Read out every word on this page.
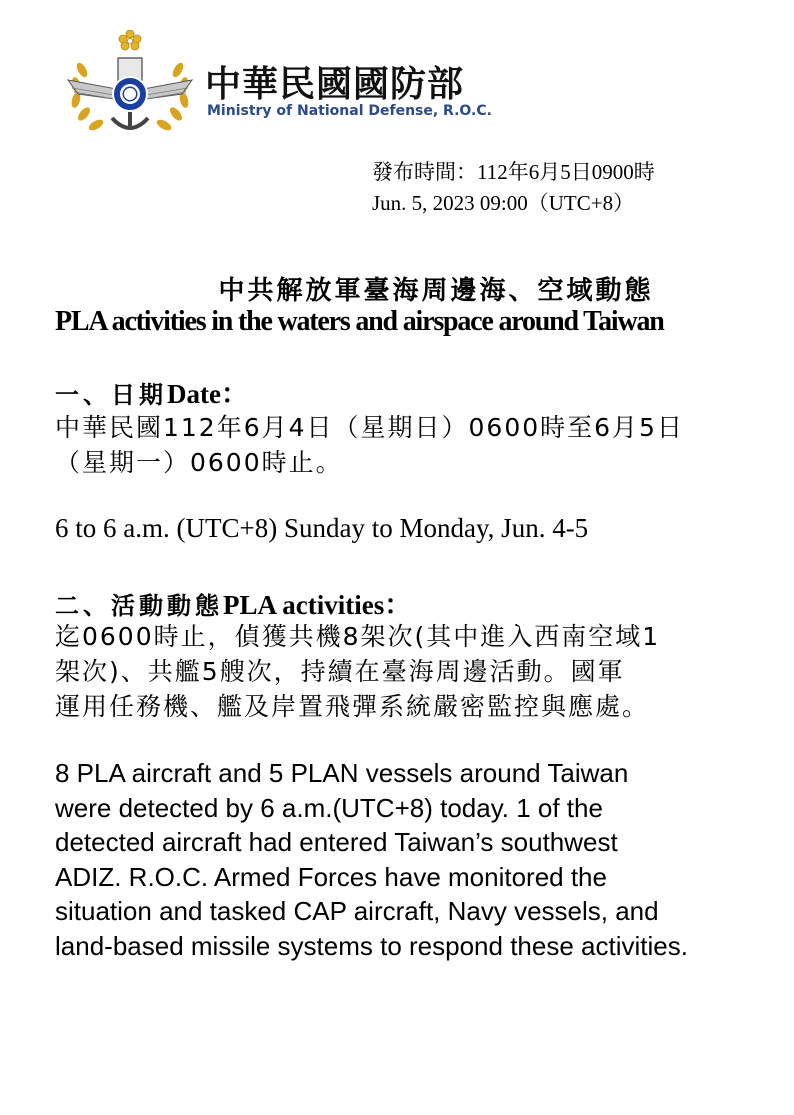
中華民國國防部
Ministry of National Defense, R.O.C.
發布時間：112年6月5日0900時
Jun. 5, 2023 09:00（UTC+8）
中共解放軍臺海周邊海、空域動態
PLA activities in the waters and airspace around Taiwan
一、日期Date：
中華民國112年6月4日（星期日）0600時至6月5日
（星期一）0600時止。
6 to 6 a.m. (UTC+8) Sunday to Monday, Jun. 4-5
二、活動動態PLA activities：
迄0600時止，偵獲共機8架次(其中進入西南空域1
架次)、共艦5艘次，持續在臺海周邊活動。國軍
運用任務機、艦及岸置飛彈系統嚴密監控與應處。
8 PLA aircraft and 5 PLAN vessels around Taiwan
were detected by 6 a.m.(UTC+8) today. 1 of the
detected aircraft had entered Taiwan’s southwest
ADIZ. R.O.C. Armed Forces have monitored the
situation and tasked CAP aircraft, Navy vessels, and
land-based missile systems to respond these activities.
